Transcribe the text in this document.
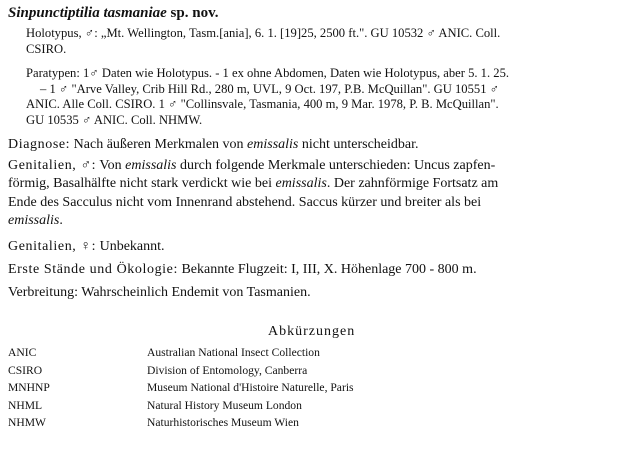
Sinpunctiptilia tasmaniae sp. nov.
Holotypus, ♂: „Mt. Wellington, Tasm.[ania], 6. 1. [19]25, 2500 ft.". GU 10532 ♂ ANIC. Coll.
CSIRO.
Paratypen: 1♂ Daten wie Holotypus. - 1 ex ohne Abdomen, Daten wie Holotypus, aber 5. 1. 25.
– 1 ♂ "Arve Valley, Crib Hill Rd., 280 m, UVL, 9 Oct. 197, P.B. McQuillan". GU 10551 ♂
ANIC. Alle Coll. CSIRO. 1 ♂ "Collinsvale, Tasmania, 400 m, 9 Mar. 1978, P. B. McQuillan".
GU 10535 ♂ ANIC. Coll. NHMW.
Diagnose: Nach äußeren Merkmalen von emissalis nicht unterscheidbar.
Genitalien, ♂: Von emissalis durch folgende Merkmale unterschieden: Uncus zapfen-
förmig, Basalhälfte nicht stark verdickt wie bei emissalis. Der zahnförmige Fortsatz am
Ende des Sacculus nicht vom Innenrand abstehend. Saccus kürzer und breiter als bei
emissalis.
Genitalien, ♀: Unbekannt.
Erste Stände und Ökologie: Bekannte Flugzeit: I, III, X. Höhenlage 700 - 800 m.
Verbreitung: Wahrscheinlich Endemit von Tasmanien.
Abkürzungen
ANIC	Australian National Insect Collection
CSIRO	Division of Entomology, Canberra
MNHNP	Museum National d'Histoire Naturelle, Paris
NHML	Natural History Museum London
NHMW	Naturhistorisches Museum Wien
